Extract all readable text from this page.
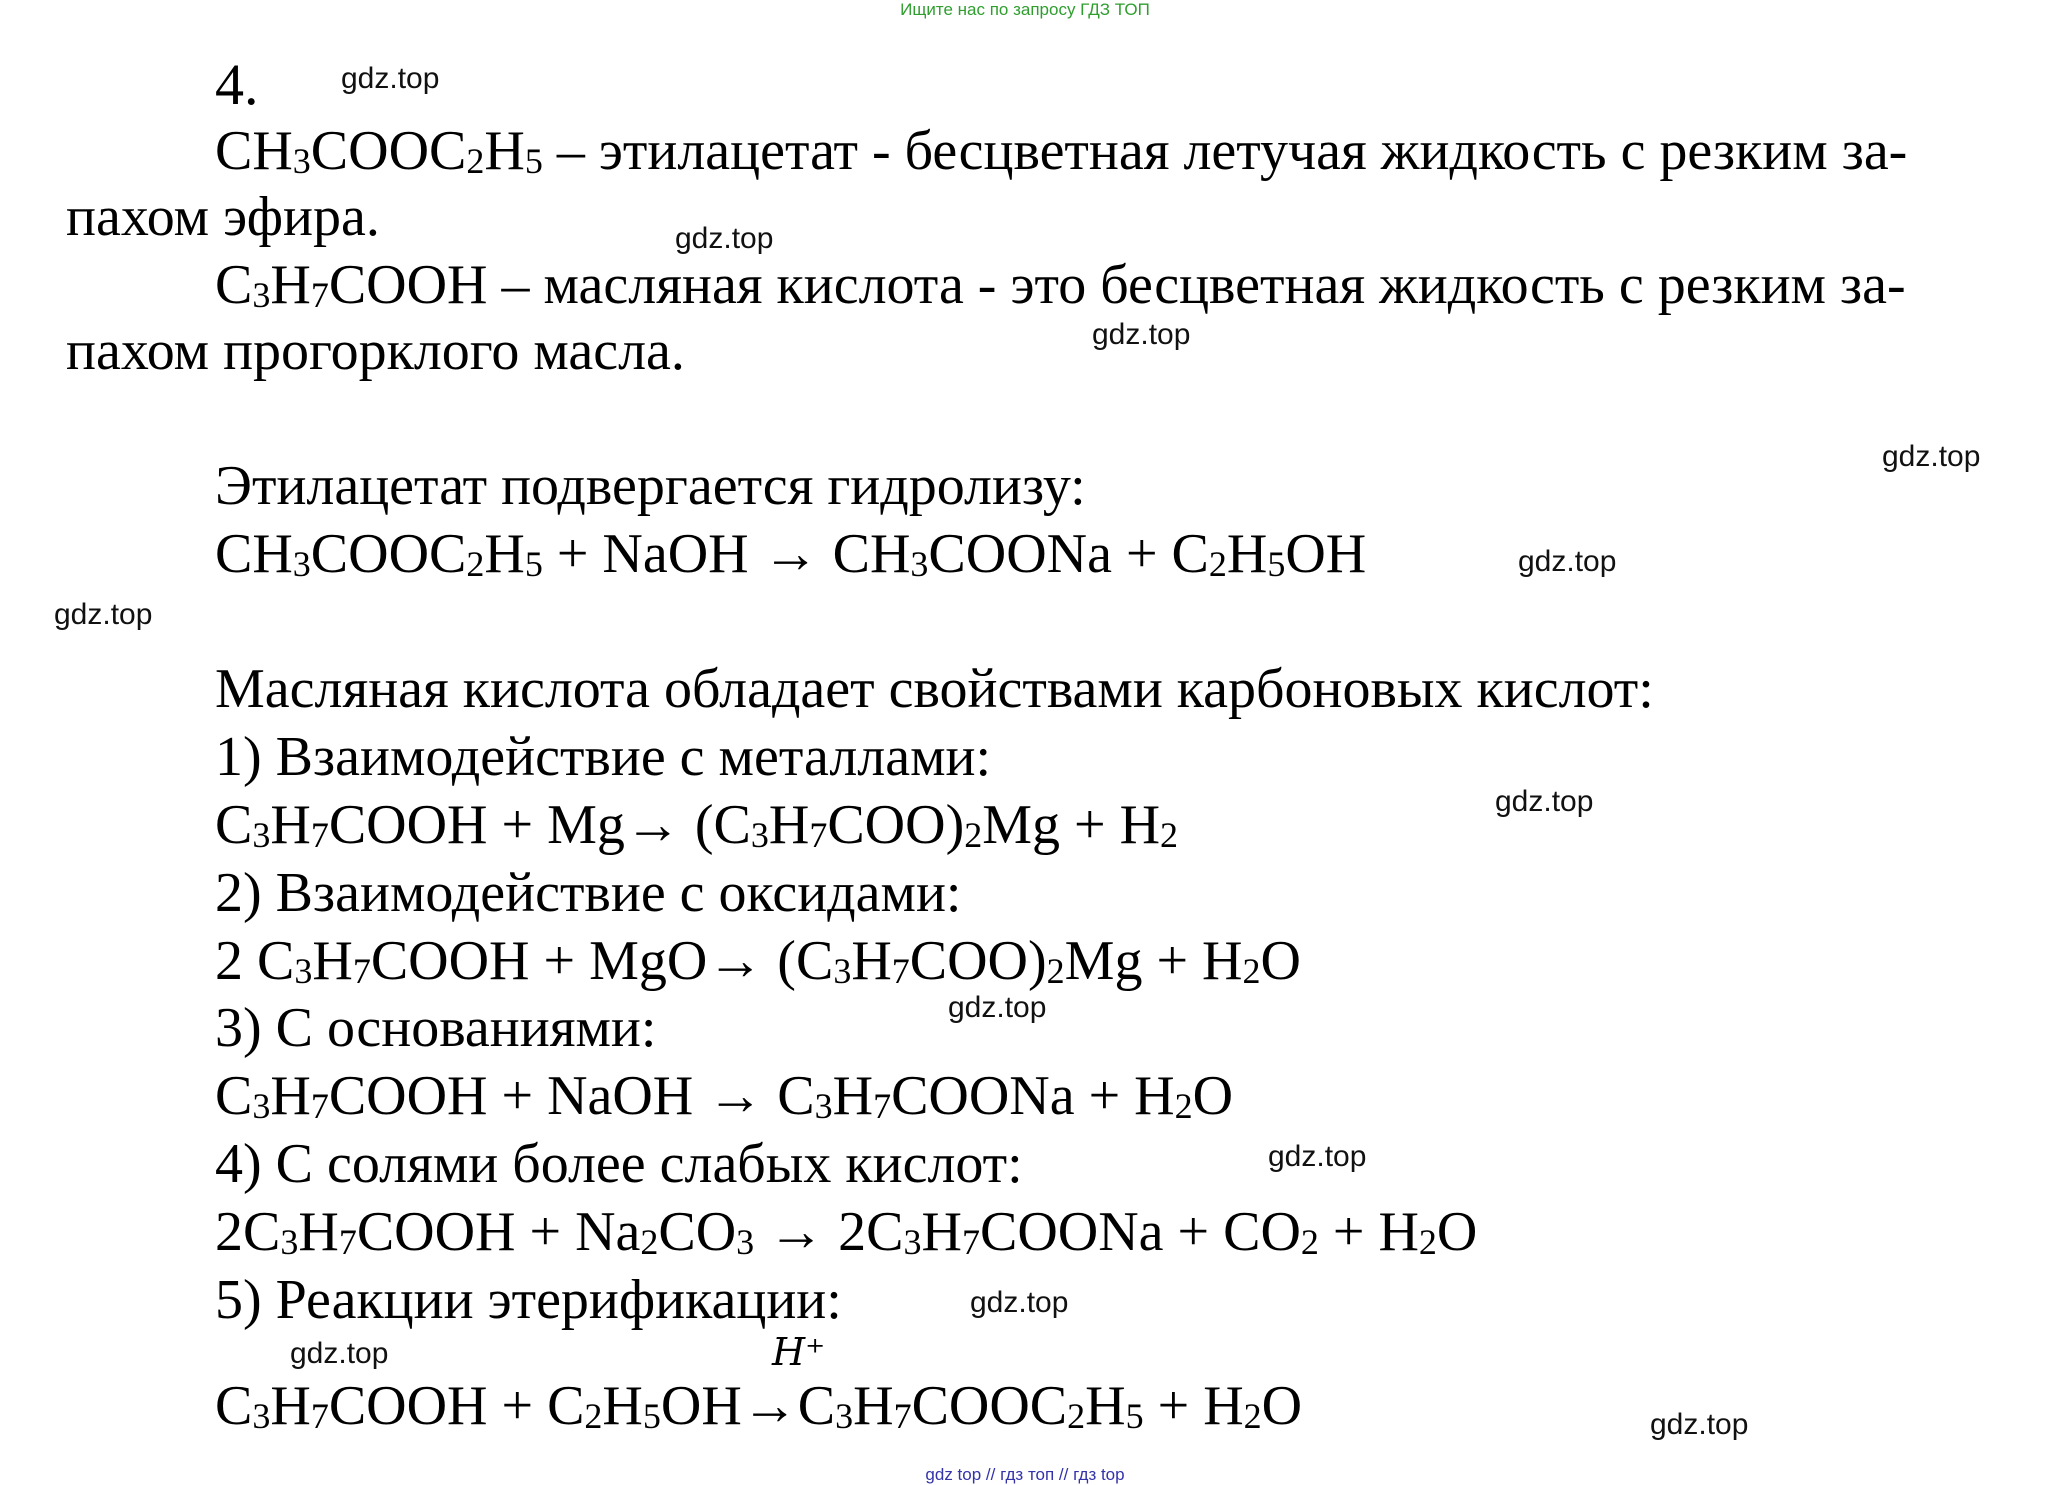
Ищите нас по запросу ГДЗ ТОП
4.
$CH_3COOC_2H_5$ – этилацетат - бесцветная летучая жидкость с резким за-
пахом эфира.
$C_3H_7COOH$ – масляная кислота - это бесцветная жидкость с резким за-
пахом прогорклого масла.
Этилацетат подвергается гидролизу:
$CH_3COOC_2H_5$ + NaOH → $CH_3COONa + C_2H_5OH$
Масляная кислота обладает свойствами карбоновых кислот:
1) Взаимодействие с металлами:
$C_3H_7COOH + Mg\to (C_3H_7COO)_2Mg + H_2$
2) Взаимодействие с оксидами:
2 $C_3H_7COOH + MgO\to (C_3H_7COO)_2Mg + H_2O$
3) С основаниями:
$C_3H_7COOH$ + NaOH → $C_3H_7COONa + H_2O$
4) С солями более слабых кислот:
$2C_3H_7COOH + Na_2CO_3$ → $2C_3H_7COONa + CO_2 + H_2O$
5) Реакции этерификации:
H⁺
$C_3H_7COOH$ + $C_2H_5OH\to C_3H_7COOC_2H_5 + H_2O$
gdz.top
gdz.top
gdz.top
gdz.top
gdz.top
gdz.top
gdz.top
gdz.top
gdz.top
gdz.top
gdz.top
gdz.top
gdz top // гдз топ // гдз top
